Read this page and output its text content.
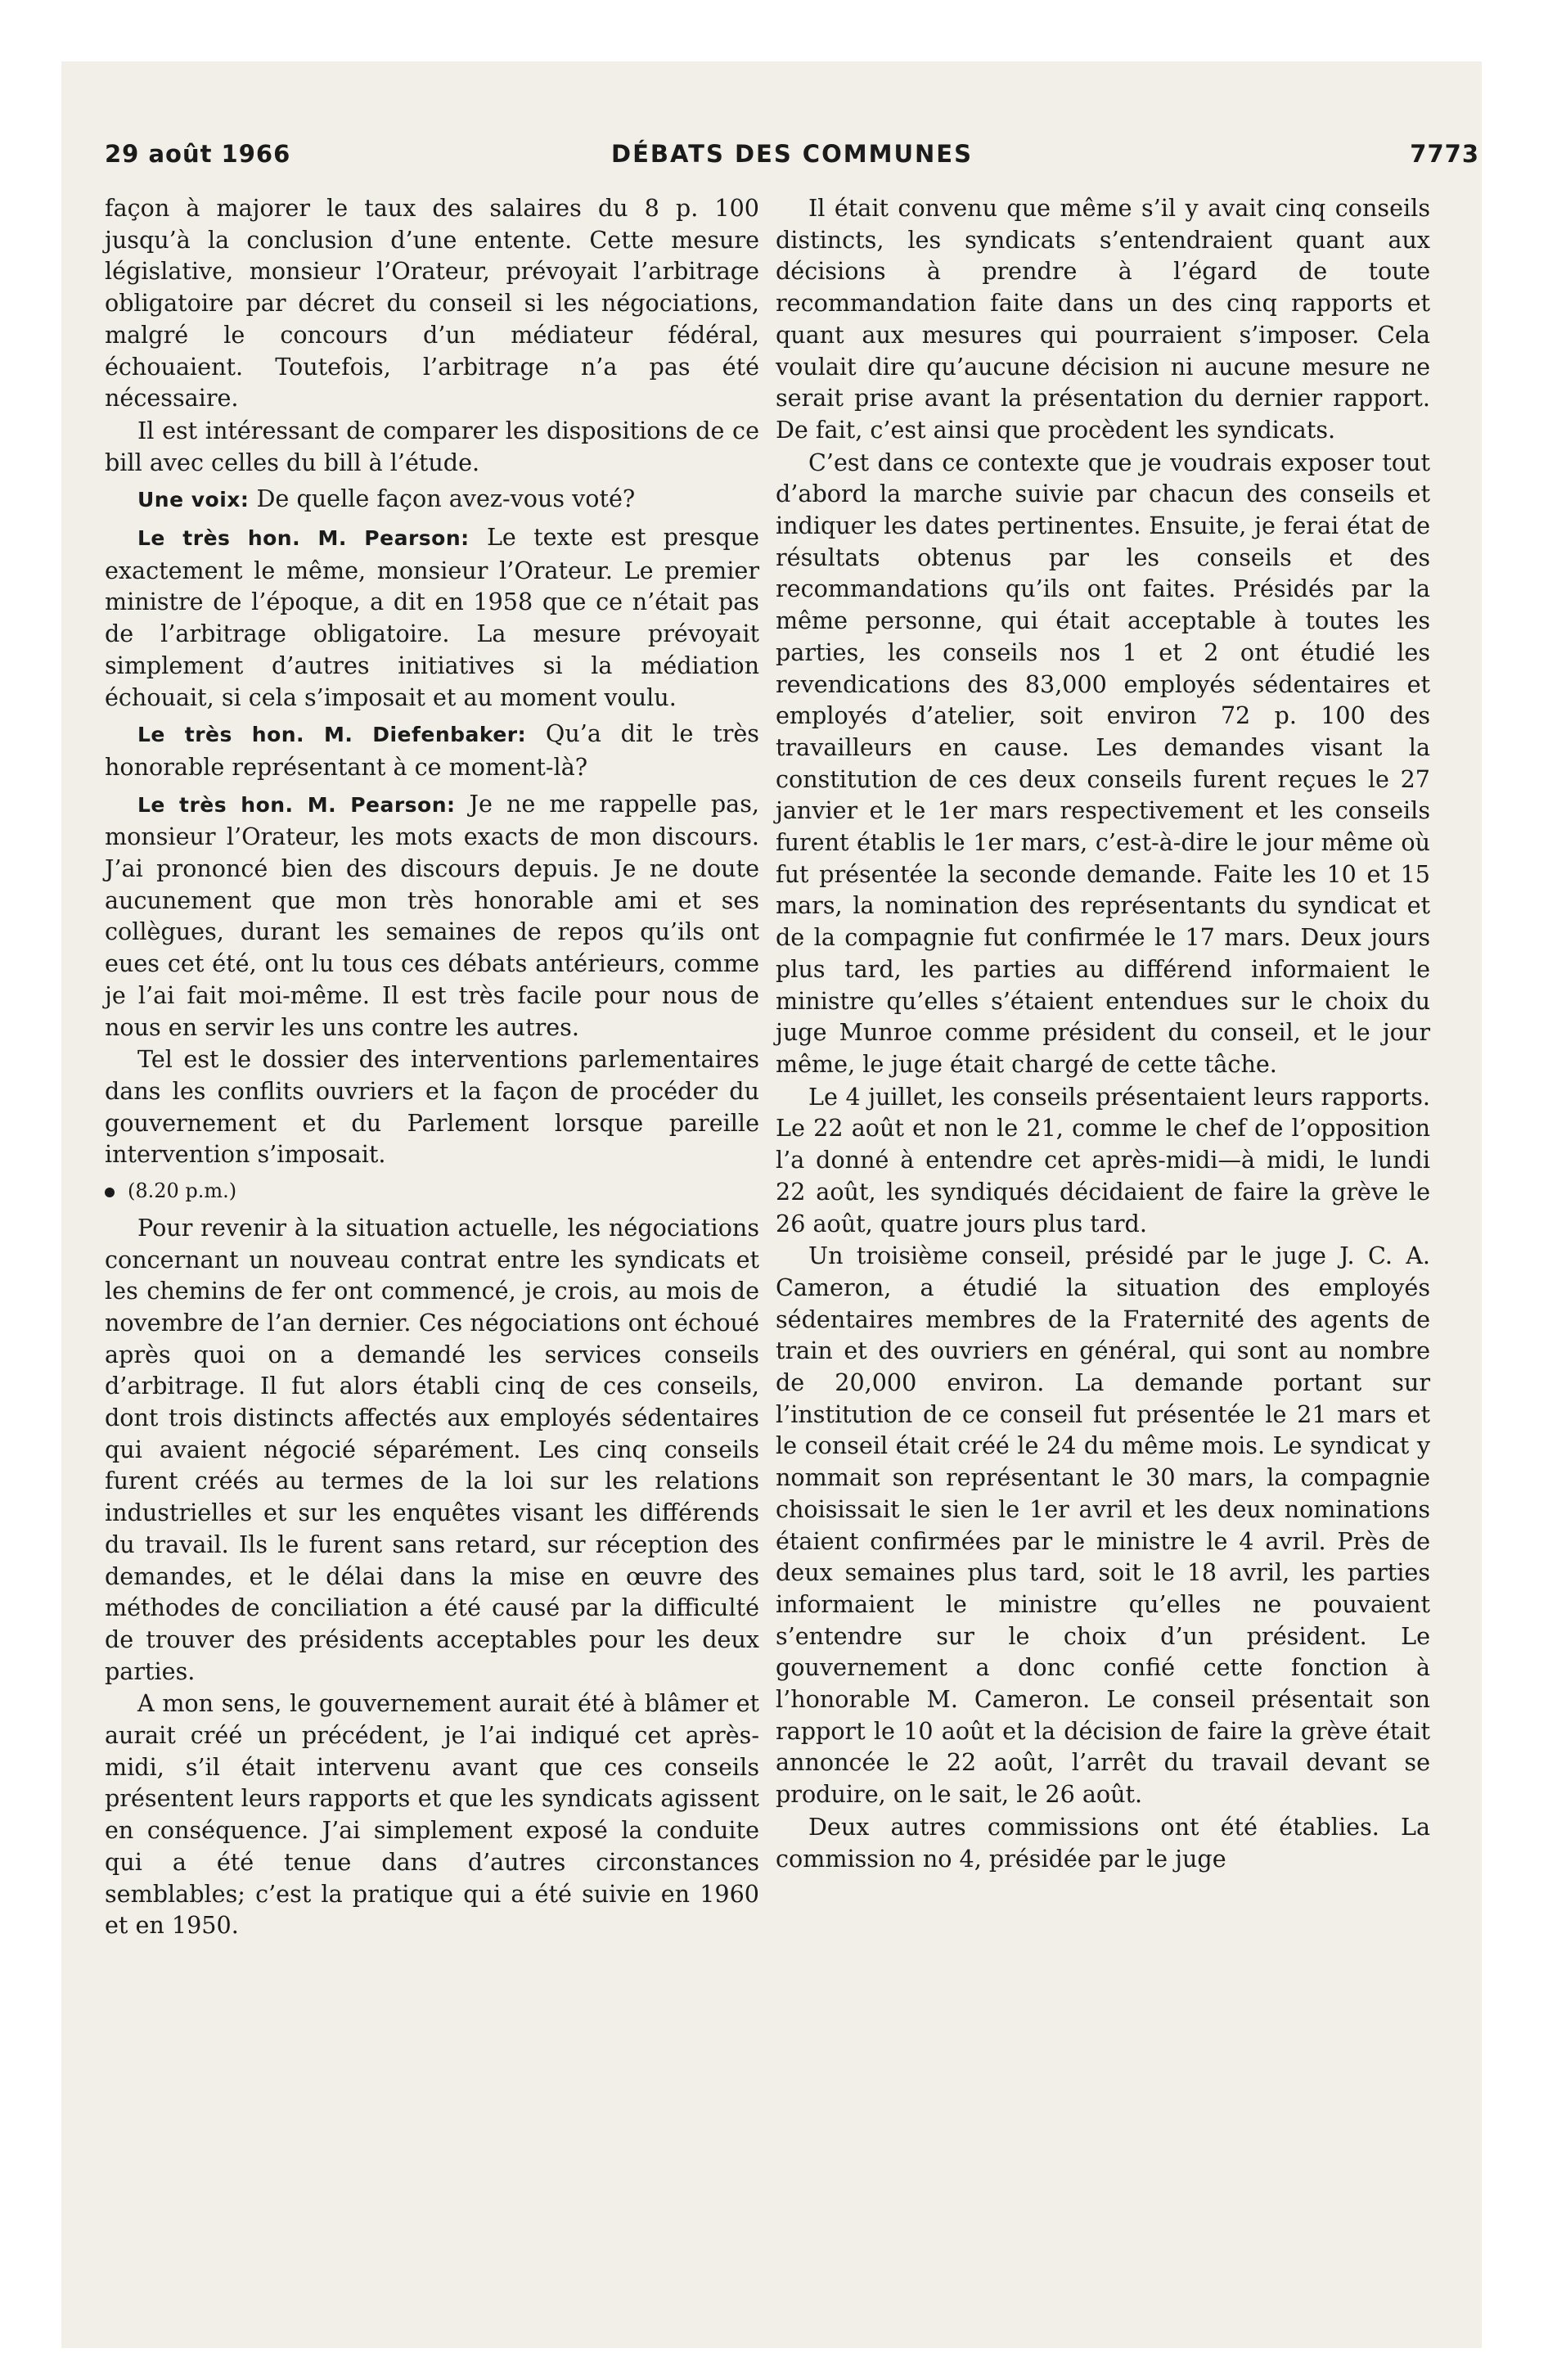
29 août 1966	DÉBATS DES COMMUNES	7773

façon à majorer le taux des salaires du 8 p. 100 jusqu’à la conclusion d’une entente. Cette mesure législative, monsieur l’Orateur, prévoyait l’arbitrage obligatoire par décret du conseil si les négociations, malgré le concours d’un médiateur fédéral, échouaient. Toutefois, l’arbitrage n’a pas été nécessaire.

Il est intéressant de comparer les dispositions de ce bill avec celles du bill à l’étude.

Une voix: De quelle façon avez-vous voté?

Le très hon. M. Pearson: Le texte est presque exactement le même, monsieur l’Orateur. Le premier ministre de l’époque, a dit en 1958 que ce n’était pas de l’arbitrage obligatoire. La mesure prévoyait simplement d’autres initiatives si la médiation échouait, si cela s’imposait et au moment voulu.

Le très hon. M. Diefenbaker: Qu’a dit le très honorable représentant à ce moment-là?

Le très hon. M. Pearson: Je ne me rappelle pas, monsieur l’Orateur, les mots exacts de mon discours. J’ai prononcé bien des discours depuis. Je ne doute aucunement que mon très honorable ami et ses collègues, durant les semaines de repos qu’ils ont eues cet été, ont lu tous ces débats antérieurs, comme je l’ai fait moi-même. Il est très facile pour nous de nous en servir les uns contre les autres.

Tel est le dossier des interventions parlementaires dans les conflits ouvriers et la façon de procéder du gouvernement et du Parlement lorsque pareille intervention s’imposait.

(8.20 p.m.)

Pour revenir à la situation actuelle, les négociations concernant un nouveau contrat entre les syndicats et les chemins de fer ont commencé, je crois, au mois de novembre de l’an dernier. Ces négociations ont échoué après quoi on a demandé les services conseils d’arbitrage. Il fut alors établi cinq de ces conseils, dont trois distincts affectés aux employés sédentaires qui avaient négocié séparément. Les cinq conseils furent créés au termes de la loi sur les relations industrielles et sur les enquêtes visant les différends du travail. Ils le furent sans retard, sur réception des demandes, et le délai dans la mise en œuvre des méthodes de conciliation a été causé par la difficulté de trouver des présidents acceptables pour les deux parties.

A mon sens, le gouvernement aurait été à blâmer et aurait créé un précédent, je l’ai indiqué cet après-midi, s’il était intervenu avant que ces conseils présentent leurs rapports et que les syndicats agissent en conséquence. J’ai simplement exposé la conduite qui a été tenue dans d’autres circonstances semblables; c’est la pratique qui a été suivie en 1960 et en 1950.

Il était convenu que même s’il y avait cinq conseils distincts, les syndicats s’entendraient quant aux décisions à prendre à l’égard de toute recommandation faite dans un des cinq rapports et quant aux mesures qui pourraient s’imposer. Cela voulait dire qu’aucune décision ni aucune mesure ne serait prise avant la présentation du dernier rapport. De fait, c’est ainsi que procèdent les syndicats.

C’est dans ce contexte que je voudrais exposer tout d’abord la marche suivie par chacun des conseils et indiquer les dates pertinentes. Ensuite, je ferai état de résultats obtenus par les conseils et des recommandations qu’ils ont faites. Présidés par la même personne, qui était acceptable à toutes les parties, les conseils nos 1 et 2 ont étudié les revendications des 83,000 employés sédentaires et employés d’atelier, soit environ 72 p. 100 des travailleurs en cause. Les demandes visant la constitution de ces deux conseils furent reçues le 27 janvier et le 1er mars respectivement et les conseils furent établis le 1er mars, c’est-à-dire le jour même où fut présentée la seconde demande. Faite les 10 et 15 mars, la nomination des représentants du syndicat et de la compagnie fut confirmée le 17 mars. Deux jours plus tard, les parties au différend informaient le ministre qu’elles s’étaient entendues sur le choix du juge Munroe comme président du conseil, et le jour même, le juge était chargé de cette tâche.

Le 4 juillet, les conseils présentaient leurs rapports. Le 22 août et non le 21, comme le chef de l’opposition l’a donné à entendre cet après-midi—à midi, le lundi 22 août, les syndiqués décidaient de faire la grève le 26 août, quatre jours plus tard.

Un troisième conseil, présidé par le juge J. C. A. Cameron, a étudié la situation des employés sédentaires membres de la Fraternité des agents de train et des ouvriers en général, qui sont au nombre de 20,000 environ. La demande portant sur l’institution de ce conseil fut présentée le 21 mars et le conseil était créé le 24 du même mois. Le syndicat y nommait son représentant le 30 mars, la compagnie choisissait le sien le 1er avril et les deux nominations étaient confirmées par le ministre le 4 avril. Près de deux semaines plus tard, soit le 18 avril, les parties informaient le ministre qu’elles ne pouvaient s’entendre sur le choix d’un président. Le gouvernement a donc confié cette fonction à l’honorable M. Cameron. Le conseil présentait son rapport le 10 août et la décision de faire la grève était annoncée le 22 août, l’arrêt du travail devant se produire, on le sait, le 26 août.

Deux autres commissions ont été établies. La commission no 4, présidée par le juge
